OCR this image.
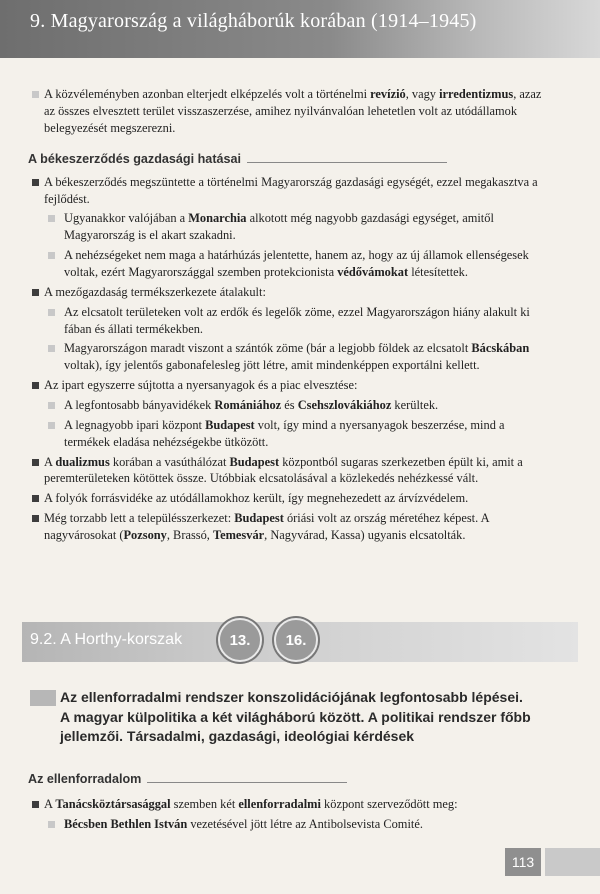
9. Magyarország a világháborúk korában (1914–1945)
A közvéleményben azonban elterjedt elképzelés volt a történelmi revízió, vagy irredentizmus, azaz az összes elvesztett terület visszaszerzése, amihez nyilvánvalóan lehetetlen volt az utódállamok belegyezését megszerezni.
A békeszerződés gazdasági hatásai
A békeszerződés megszüntette a történelmi Magyarország gazdasági egységét, ezzel megakasztva a fejlődést.
Ugyanakkor valójában a Monarchia alkotott még nagyobb gazdasági egységet, amitől Magyarország is el akart szakadni.
A nehézségeket nem maga a határhúzás jelentette, hanem az, hogy az új államok ellenségesek voltak, ezért Magyarországgal szemben protekcionista védővámokat létesítettek.
A mezőgazdaság termékszerkezete átalakult:
Az elcsatolt területeken volt az erdők és legelők zöme, ezzel Magyarországon hiány alakult ki fában és állati termékekben.
Magyarországon maradt viszont a szántók zöme (bár a legjobb földek az elcsatolt Bácskában voltak), így jelentős gabonafelesleg jött létre, amit mindenképpen exportálni kellett.
Az ipart egyszerre sújtotta a nyersanyagok és a piac elvesztése:
A legfontosabb bányavidékek Romániához és Csehszlovákiához kerültek.
A legnagyobb ipari központ Budapest volt, így mind a nyersanyagok beszerzése, mind a termékek eladása nehézségekbe ütközött.
A dualizmus korában a vasúthálózat Budapest központból sugaras szerkezetben épült ki, amit a peremterületeken kötöttek össze. Utóbbiak elcsatolásával a közlekedés nehézkessé vált.
A folyók forrásvidéke az utódállamokhoz került, így megnehezedett az árvízvédelem.
Még torzabb lett a településszerkezet: Budapest óriási volt az ország méretéhez képest. A nagyvárosokat (Pozsony, Brassó, Temesvár, Nagyvárad, Kassa) ugyanis elcsatolták.
9.2. A Horthy-korszak	13.	16.
Az ellenforradalmi rendszer konszolidációjának legfontosabb lépései.
A magyar külpolitika a két világháború között. A politikai rendszer főbb
jellemzői. Társadalmi, gazdasági, ideológiai kérdések
Az ellenforradalom
A Tanácsköztársasággal szemben két ellenforradalmi központ szerveződött meg:
Bécsben Bethlen István vezetésével jött létre az Antibolsevista Comité.
113
